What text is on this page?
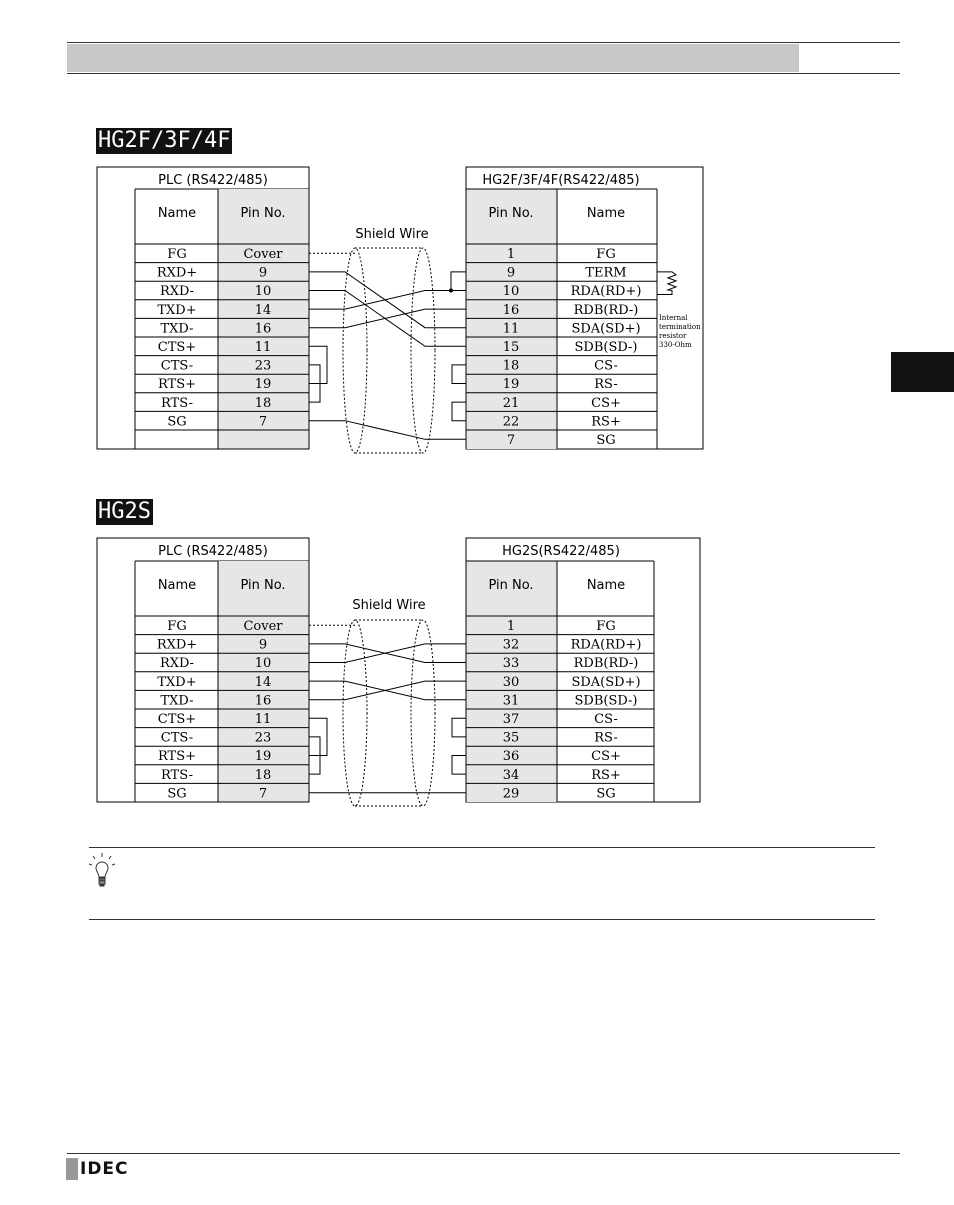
HG2F/3F/4F
HG2S
PLC (RS422/485)
Name	Pin No.
FG	Cover
RXD+	9
RXD-	10
TXD+	14
TXD-	16
CTS+	11
CTS-	23
RTS+	19
RTS-	18
SG	7
HG2F/3F/4F(RS422/485)
Pin No.	Name
1	FG
9	TERM
10	RDA(RD+)
16	RDB(RD-)
11	SDA(SD+)
15	SDB(SD-)
18	CS-
19	RS-
21	CS+
22	RS+
7	SG
Shield Wire
Internal
termination
resistor
330-Ohm
PLC (RS422/485)
Name	Pin No.
FG	Cover
RXD+	9
RXD-	10
TXD+	14
TXD-	16
CTS+	11
CTS-	23
RTS+	19
RTS-	18
SG	7
HG2S(RS422/485)
Pin No.	Name
1	FG
32	RDA(RD+)
33	RDB(RD-)
30	SDA(SD+)
31	SDB(SD-)
37	CS-
35	RS-
36	CS+
34	RS+
29	SG
Shield Wire
IDEC
